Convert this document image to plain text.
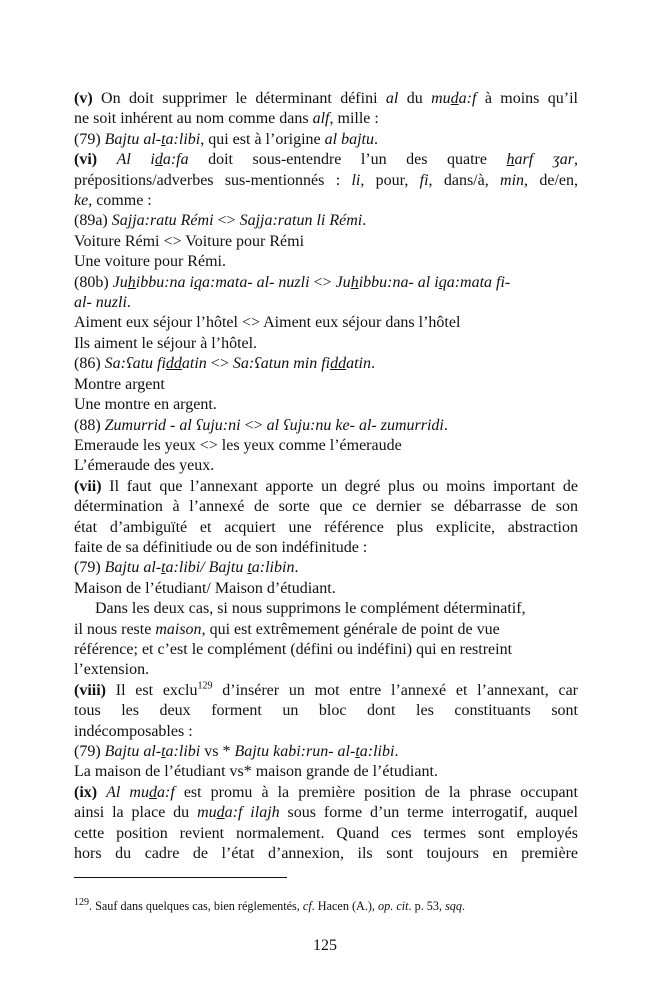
(v) On doit supprimer le déterminant défini al du muda:f à moins qu’il
ne soit inhérent au nom comme dans alf, mille :
(79) Bajtu al-ta:libi, qui est à l’origine al bajtu.
(vi) Al ida:fa doit sous-entendre l’un des quatre harf ʒar,
prépositions/adverbes sus-mentionnés : li, pour, fi, dans/à, min, de/en,
ke, comme :
(89a) Sajja:ratu Rémi <> Sajja:ratun li Rémi.
Voiture Rémi <> Voiture pour Rémi
Une voiture pour Rémi.
(80b) Juhibbu:na iqa:mata- al- nuzli <> Juhibbu:na- al iqa:mata fi-
al- nuzli.
Aiment eux séjour l’hôtel <> Aiment eux séjour dans l’hôtel
Ils aiment le séjour à l’hôtel.
(86) Sa:ʕatu fiddatin <> Sa:ʕatun min fiddatin.
Montre argent
Une montre en argent.
(88) Zumurrid - al ʕuju:ni <> al ʕuju:nu ke- al- zumurridi.
Emeraude les yeux <> les yeux comme l’émeraude
L’émeraude des yeux.
(vii) Il faut que l’annexant apporte un degré plus ou moins important de
détermination à l’annexé de sorte que ce dernier se débarrasse de son
état d’ambiguïté et acquiert une référence plus explicite, abstraction
faite de sa définitiude ou de son indéfinitude :
(79) Bajtu al-ta:libi/ Bajtu ta:libin.
Maison de l’étudiant/ Maison d’étudiant.
Dans les deux cas, si nous supprimons le complément déterminatif,
il nous reste maison, qui est extrêmement générale de point de vue
référence; et c’est le complément (défini ou indéfini) qui en restreint
l’extension.
(viii) Il est exclu$^{129}$ d’insérer un mot entre l’annexé et l’annexant, car
tous les deux forment un bloc dont les constituants sont
indécomposables :
(79) Bajtu al-ta:libi vs * Bajtu kabi:run- al-ta:libi.
La maison de l’étudiant vs* maison grande de l’étudiant.
(ix) Al muda:f est promu à la première position de la phrase occupant
ainsi la place du muda:f ilajh sous forme d’un terme interrogatif, auquel
cette position revient normalement. Quand ces termes sont employés
hors du cadre de l’état d’annexion, ils sont toujours en première
$^{129}$. Sauf dans quelques cas, bien réglementés, cf. Hacen (A.), op. cit. p. 53, sqq.
125
